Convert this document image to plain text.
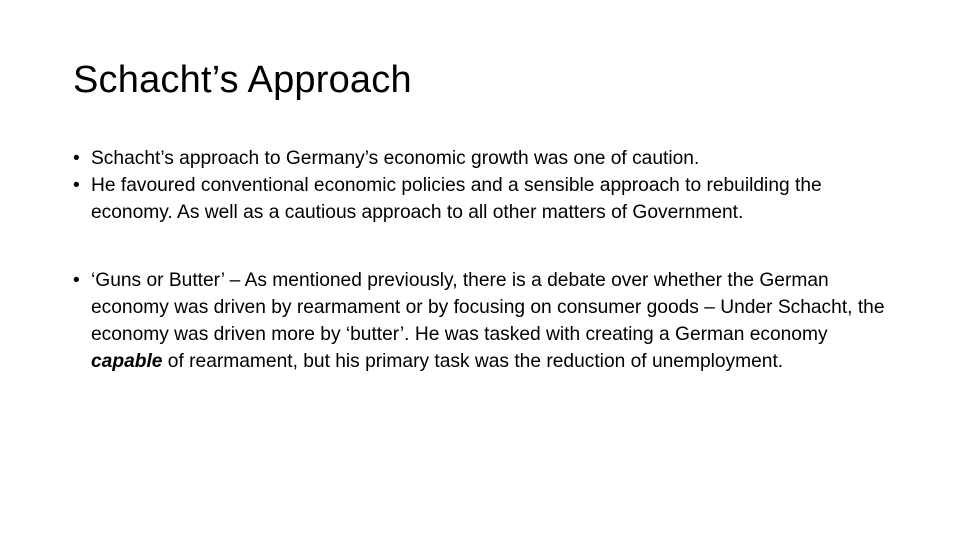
Schacht’s Approach

• Schacht’s approach to Germany’s economic growth was one of caution.

• He favoured conventional economic policies and a sensible approach to rebuilding the economy. As well as a cautious approach to all other matters of Government.

• ‘Guns or Butter’ – As mentioned previously, there is a debate over whether the German economy was driven by rearmament or by focusing on consumer goods – Under Schacht, the economy was driven more by ‘butter’. He was tasked with creating a German economy capable of rearmament, but his primary task was the reduction of unemployment.
